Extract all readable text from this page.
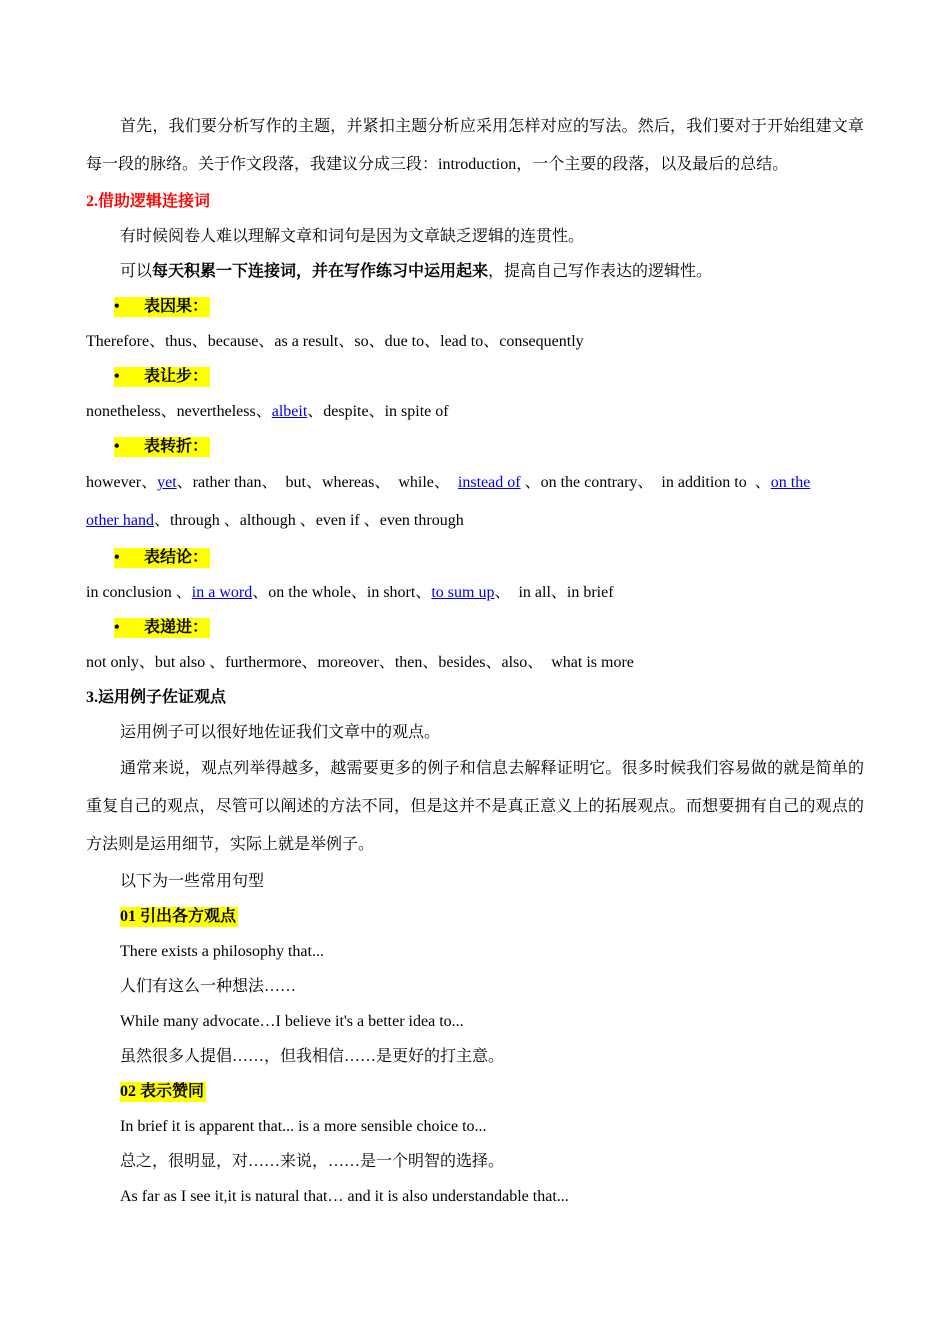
首先，我们要分析写作的主题，并紧扣主题分析应采用怎样对应的写法。然后，我们要对于开始组建文章每一段的脉络。关于作文段落，我建议分成三段：introduction，一个主要的段落，以及最后的总结。
2.借助逻辑连接词
有时候阅卷人难以理解文章和词句是因为文章缺乏逻辑的连贯性。
可以每天积累一下连接词，并在写作练习中运用起来，提高自己写作表达的逻辑性。
• 表因果：
Therefore、thus、because、as a result、so、due to、lead to、consequently
• 表让步：
nonetheless、nevertheless、albeit、despite、in spite of
• 表转折：
however、yet、rather than、  but、whereas、  while、  instead of 、on the contrary、  in addition to  、on the
other hand、through 、although 、even if 、even through
• 表结论：
in conclusion 、in a word、on the whole、in short、to sum up、  in all、in brief
• 表递进：
not only、but also 、furthermore、moreover、then、besides、also、  what is more
3.运用例子佐证观点
运用例子可以很好地佐证我们文章中的观点。
通常来说，观点列举得越多，越需要更多的例子和信息去解释证明它。很多时候我们容易做的就是简单的重复自己的观点，尽管可以阐述的方法不同，但是这并不是真正意义上的拓展观点。而想要拥有自己的观点的方法则是运用细节，实际上就是举例子。
以下为一些常用句型
01 引出各方观点
There exists a philosophy that...
人们有这么一种想法……
While many advocate…I believe it's a better idea to...
虽然很多人提倡……，但我相信……是更好的打主意。
02 表示赞同
In brief it is apparent that... is a more sensible choice to...
总之，很明显，对……来说，……是一个明智的选择。
As far as I see it,it is natural that… and it is also understandable that...
